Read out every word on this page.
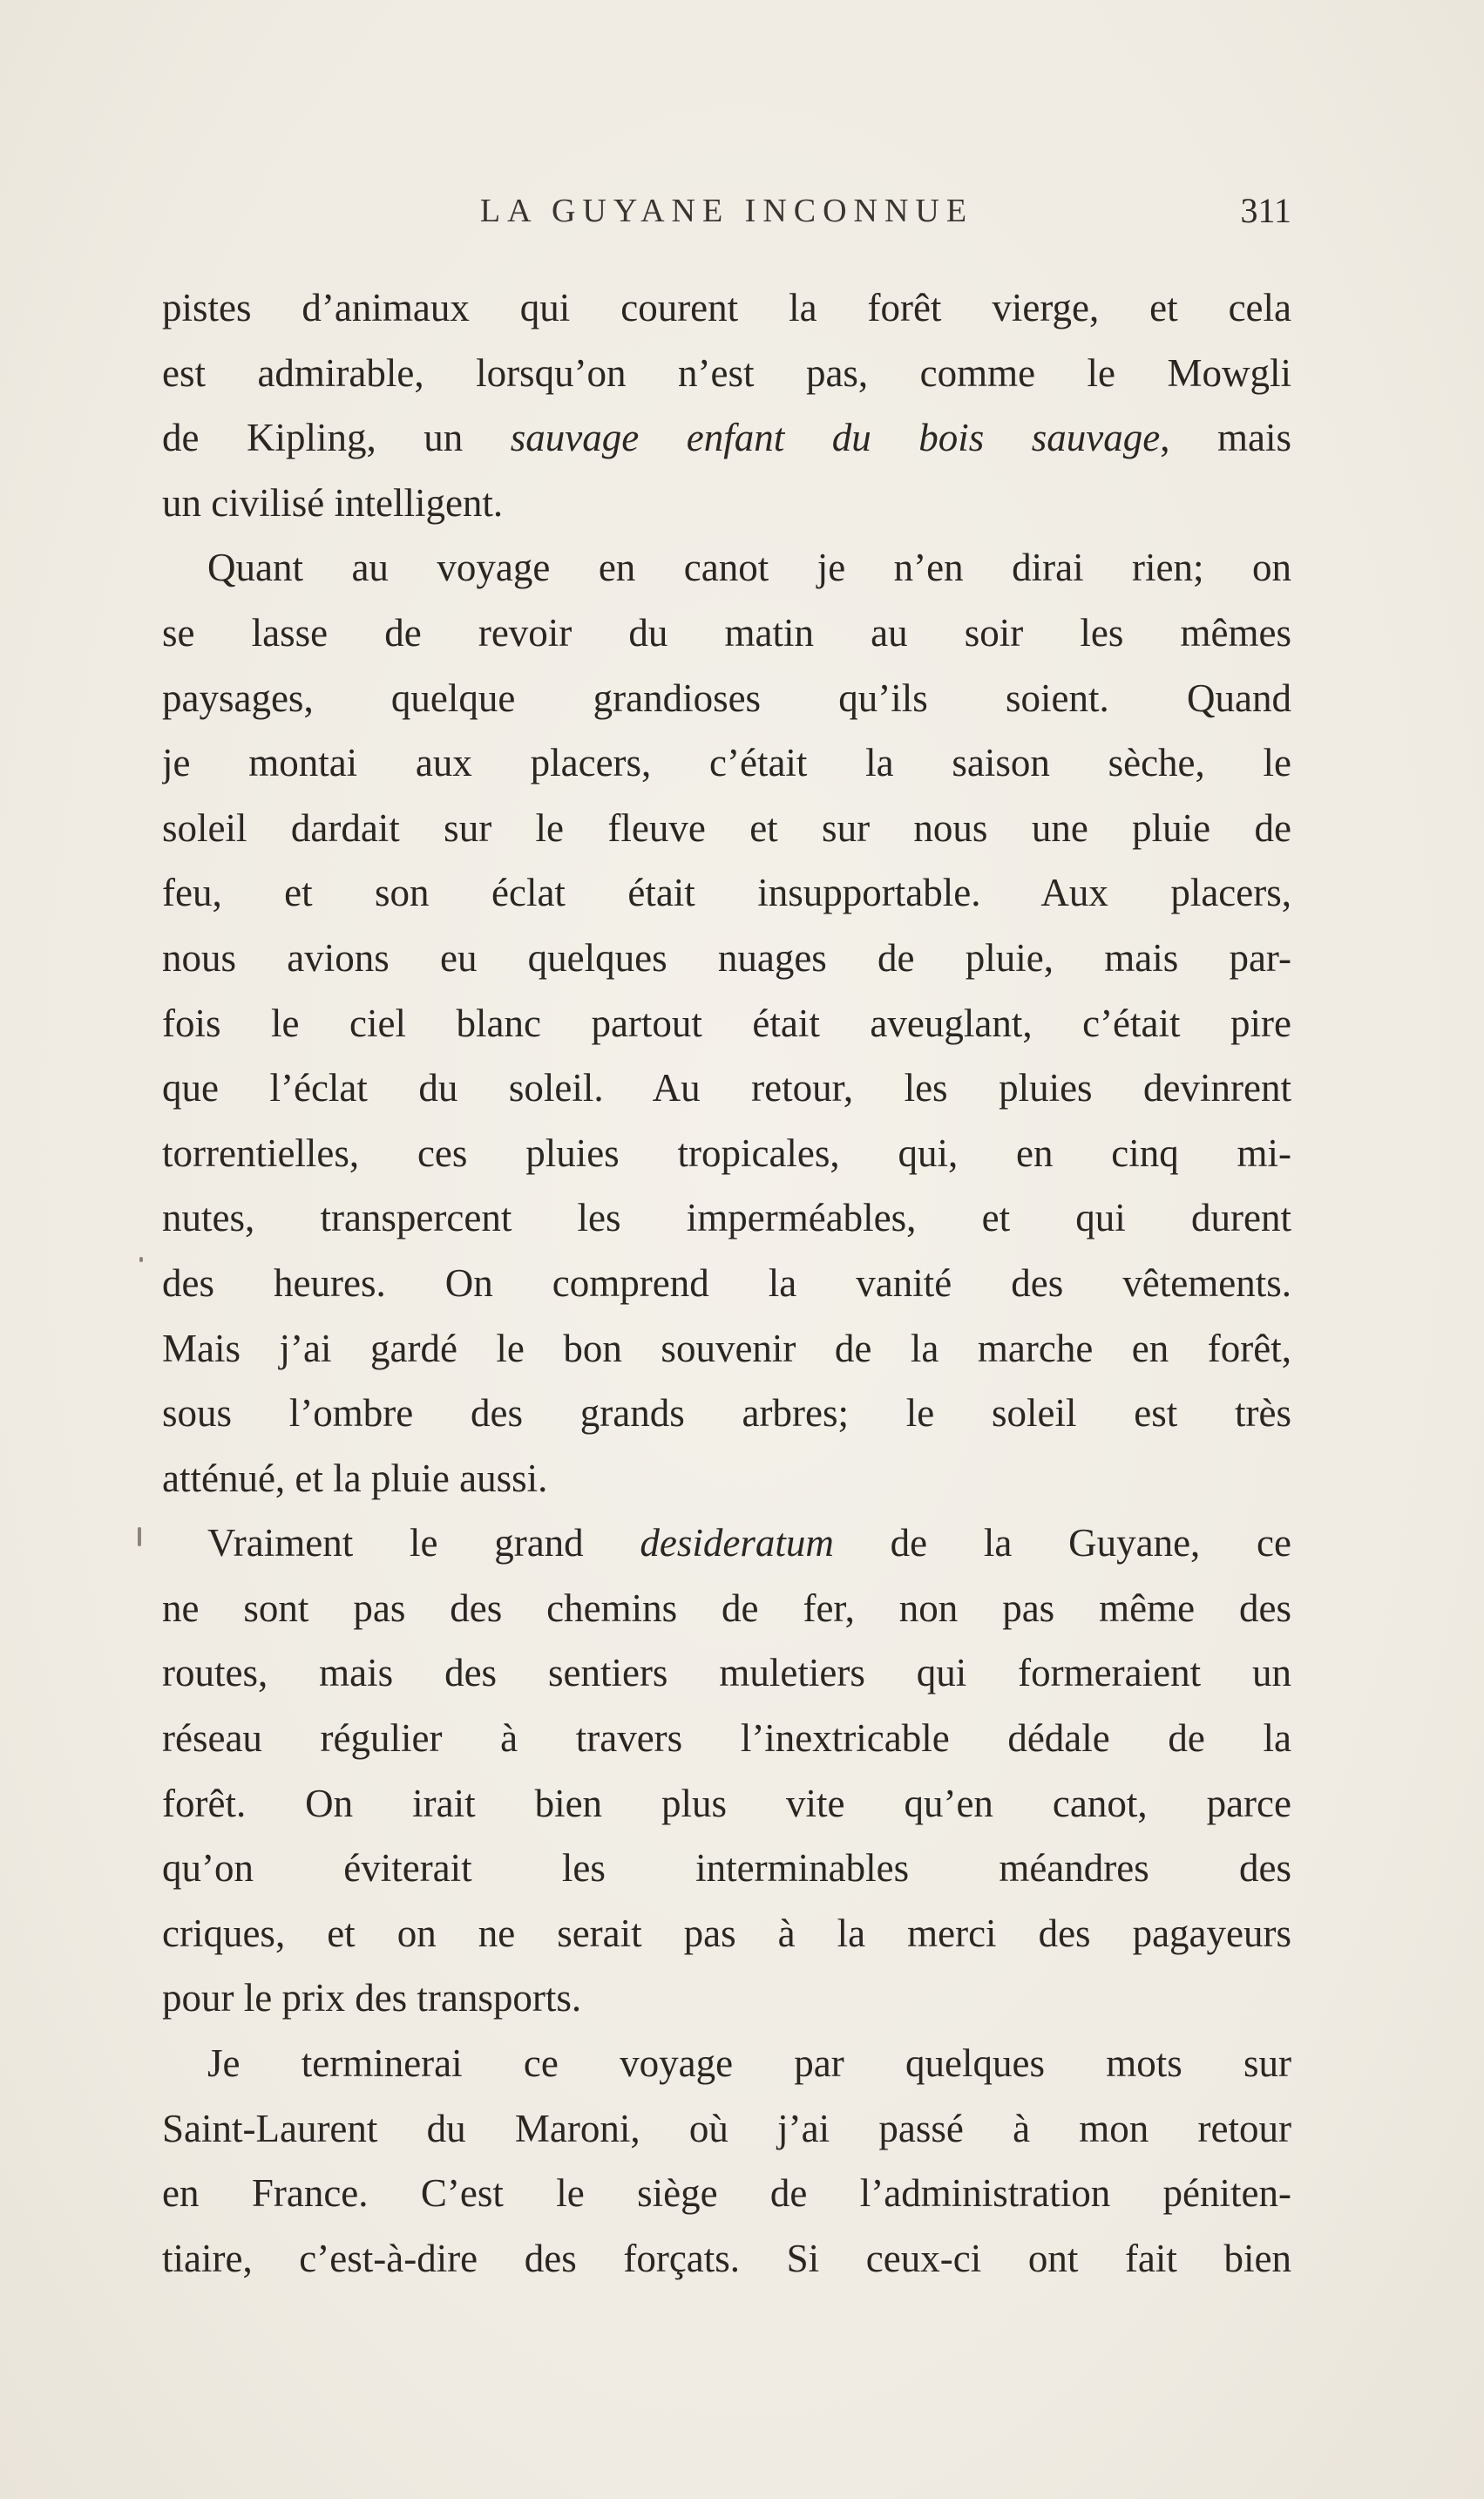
LA GUYANE INCONNUE	311
pistes d’animaux qui courent la forêt vierge, et cela
est admirable, lorsqu’on n’est pas, comme le Mowgli
de Kipling, un sauvage enfant du bois sauvage, mais
un civilisé intelligent.
Quant au voyage en canot je n’en dirai rien; on
se lasse de revoir du matin au soir les mêmes
paysages, quelque grandioses qu’ils soient. Quand
je montai aux placers, c’était la saison sèche, le
soleil dardait sur le fleuve et sur nous une pluie de
feu, et son éclat était insupportable. Aux placers,
nous avions eu quelques nuages de pluie, mais par-
fois le ciel blanc partout était aveuglant, c’était pire
que l’éclat du soleil. Au retour, les pluies devinrent
torrentielles, ces pluies tropicales, qui, en cinq mi-
nutes, transpercent les imperméables, et qui durent
des heures. On comprend la vanité des vêtements.
Mais j’ai gardé le bon souvenir de la marche en forêt,
sous l’ombre des grands arbres; le soleil est très
atténué, et la pluie aussi.
Vraiment le grand desideratum de la Guyane, ce
ne sont pas des chemins de fer, non pas même des
routes, mais des sentiers muletiers qui formeraient un
réseau régulier à travers l’inextricable dédale de la
forêt. On irait bien plus vite qu’en canot, parce
qu’on éviterait les interminables méandres des
criques, et on ne serait pas à la merci des pagayeurs
pour le prix des transports.
Je terminerai ce voyage par quelques mots sur
Saint-Laurent du Maroni, où j’ai passé à mon retour
en France. C’est le siège de l’administration péniten-
tiaire, c’est-à-dire des forçats. Si ceux-ci ont fait bien
